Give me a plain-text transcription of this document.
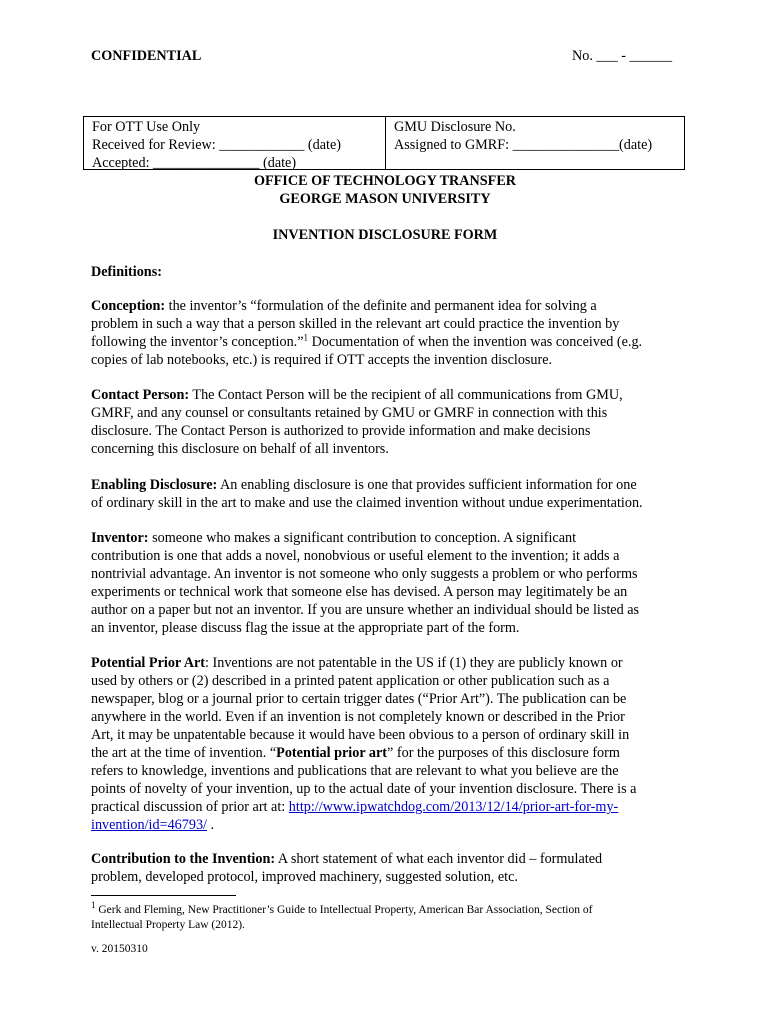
CONFIDENTIAL	No. ___ - ______
For OTT Use Only
Received for Review: ____________ (date)
Accepted: _______________ (date)
GMU Disclosure No.
Assigned to GMRF: _______________(date)
OFFICE OF TECHNOLOGY TRANSFER
GEORGE MASON UNIVERSITY
INVENTION DISCLOSURE FORM
Definitions:
Conception: the inventor’s “formulation of the definite and permanent idea for solving a
problem in such a way that a person skilled in the relevant art could practice the invention by
following the inventor’s conception.”$^1$ Documentation of when the invention was conceived (e.g.
copies of lab notebooks, etc.) is required if OTT accepts the invention disclosure.
Contact Person: The Contact Person will be the recipient of all communications from GMU,
GMRF, and any counsel or consultants retained by GMU or GMRF in connection with this
disclosure. The Contact Person is authorized to provide information and make decisions
concerning this disclosure on behalf of all inventors.
Enabling Disclosure: An enabling disclosure is one that provides sufficient information for one
of ordinary skill in the art to make and use the claimed invention without undue experimentation.
Inventor: someone who makes a significant contribution to conception. A significant
contribution is one that adds a novel, nonobvious or useful element to the invention; it adds a
nontrivial advantage. An inventor is not someone who only suggests a problem or who performs
experiments or technical work that someone else has devised. A person may legitimately be an
author on a paper but not an inventor. If you are unsure whether an individual should be listed as
an inventor, please discuss flag the issue at the appropriate part of the form.
Potential Prior Art: Inventions are not patentable in the US if (1) they are publicly known or
used by others or (2) described in a printed patent application or other publication such as a
newspaper, blog or a journal prior to certain trigger dates (“Prior Art”). The publication can be
anywhere in the world. Even if an invention is not completely known or described in the Prior
Art, it may be unpatentable because it would have been obvious to a person of ordinary skill in
the art at the time of invention. “Potential prior art” for the purposes of this disclosure form
refers to knowledge, inventions and publications that are relevant to what you believe are the
points of novelty of your invention, up to the actual date of your invention disclosure. There is a
practical discussion of prior art at: http://www.ipwatchdog.com/2013/12/14/prior-art-for-my-
invention/id=46793/ .
Contribution to the Invention: A short statement of what each inventor did – formulated
problem, developed protocol, improved machinery, suggested solution, etc.
$^1$ Gerk and Fleming, New Practitioner’s Guide to Intellectual Property, American Bar Association, Section of
Intellectual Property Law (2012).
v. 20150310
